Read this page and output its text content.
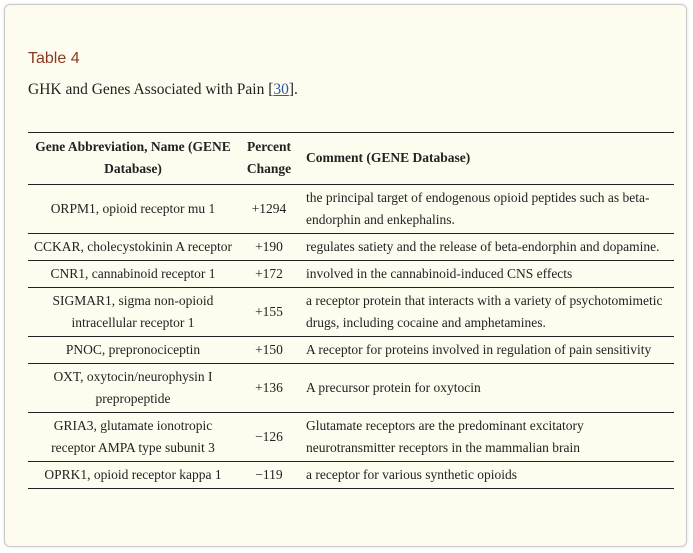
Table 4
GHK and Genes Associated with Pain [30].
Gene Abbreviation, Name (GENE Database)	Percent Change	Comment (GENE Database)
ORPM1, opioid receptor mu 1	+1294	the principal target of endogenous opioid peptides such as beta-endorphin and enkephalins.
CCKAR, cholecystokinin A receptor	+190	regulates satiety and the release of beta-endorphin and dopamine.
CNR1, cannabinoid receptor 1	+172	involved in the cannabinoid-induced CNS effects
SIGMAR1, sigma non-opioid intracellular receptor 1	+155	a receptor protein that interacts with a variety of psychotomimetic drugs, including cocaine and amphetamines.
PNOC, prepronociceptin	+150	A receptor for proteins involved in regulation of pain sensitivity
OXT, oxytocin/neurophysin I prepropeptide	+136	A precursor protein for oxytocin
GRIA3, glutamate ionotropic receptor AMPA type subunit 3	−126	Glutamate receptors are the predominant excitatory neurotransmitter receptors in the mammalian brain
OPRK1, opioid receptor kappa 1	−119	a receptor for various synthetic opioids
